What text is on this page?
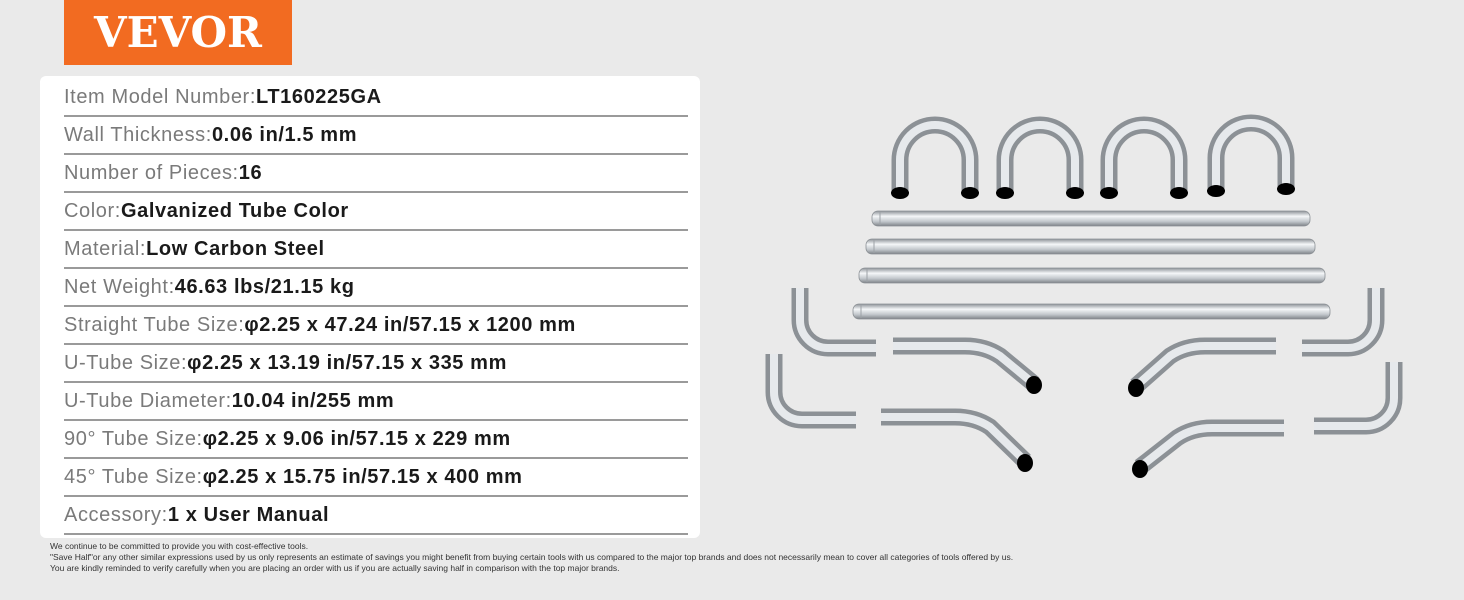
VEVOR
Item Model Number: LT160225GA
Wall Thickness: 0.06 in/1.5 mm
Number of Pieces: 16
Color: Galvanized Tube Color
Material: Low Carbon Steel
Net Weight: 46.63 lbs/21.15 kg
Straight Tube Size: φ2.25 x 47.24 in/57.15 x 1200 mm
U-Tube Size: φ2.25 x 13.19 in/57.15 x 335 mm
U-Tube Diameter: 10.04 in/255 mm
90° Tube Size: φ2.25 x 9.06 in/57.15 x 229 mm
45° Tube Size: φ2.25 x 15.75 in/57.15 x 400 mm
Accessory: 1 x User Manual
We continue to be committed to provide you with cost-effective tools.
"Save Half"or any other similar expressions used by us only represents an estimate of savings you might benefit from buying certain tools with us compared to the major top brands and does not necessarily mean to cover all categories of tools offered by us.
You are kindly reminded to verify carefully when you are placing an order with us if you are actually saving half in comparison with the top major brands.
